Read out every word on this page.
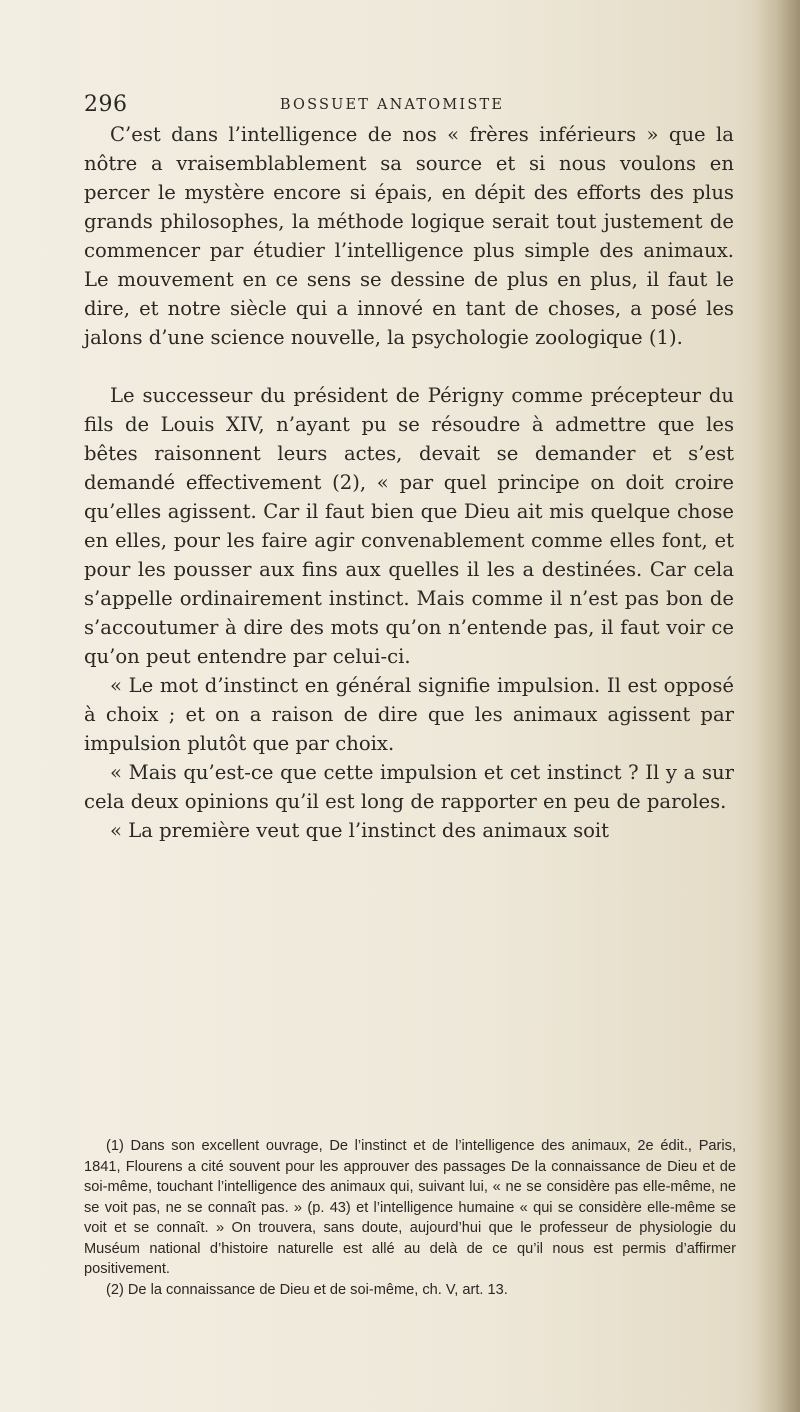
296	BOSSUET ANATOMISTE

C’est dans l’intelligence de nos « frères inférieurs » que la nôtre a vraisemblablement sa source et si nous voulons en percer le mystère encore si épais, en dépit des efforts des plus grands philosophes, la méthode logique serait tout justement de commencer par étudier l’intelligence plus simple des animaux. Le mouvement en ce sens se dessine de plus en plus, il faut le dire, et notre siècle qui a innové en tant de choses, a posé les jalons d’une science nouvelle, la psychologie zoologique (1).

Le successeur du président de Périgny comme précepteur du fils de Louis XIV, n’ayant pu se résoudre à admettre que les bêtes raisonnent leurs actes, devait se demander et s’est demandé effectivement (2), « par quel principe on doit croire qu’elles agissent. Car il faut bien que Dieu ait mis quelque chose en elles, pour les faire agir convenablement comme elles font, et pour les pousser aux fins aux quelles il les a destinées. Car cela s’appelle ordinairement instinct. Mais comme il n’est pas bon de s’accoutumer à dire des mots qu’on n’entende pas, il faut voir ce qu’on peut entendre par celui-ci.

« Le mot d’instinct en général signifie impulsion. Il est opposé à choix ; et on a raison de dire que les animaux agissent par impulsion plutôt que par choix.

« Mais qu’est-ce que cette impulsion et cet instinct ? Il y a sur cela deux opinions qu’il est long de rapporter en peu de paroles.

« La première veut que l’instinct des animaux soit

(1) Dans son excellent ouvrage, De l’instinct et de l’intelligence des animaux, 2e édit., Paris, 1841, Flourens a cité souvent pour les approuver des passages De la connaissance de Dieu et de soi-même, touchant l’intelligence des animaux qui, suivant lui, « ne se considère pas elle-même, ne se voit pas, ne se connaît pas. » (p. 43) et l’intelligence humaine « qui se considère elle-même se voit et se connaît. » On trouvera, sans doute, aujourd’hui que le professeur de physiologie du Muséum national d’histoire naturelle est allé au delà de ce qu’il nous est permis d’affirmer positivement.

(2) De la connaissance de Dieu et de soi-même, ch. V, art. 13.
